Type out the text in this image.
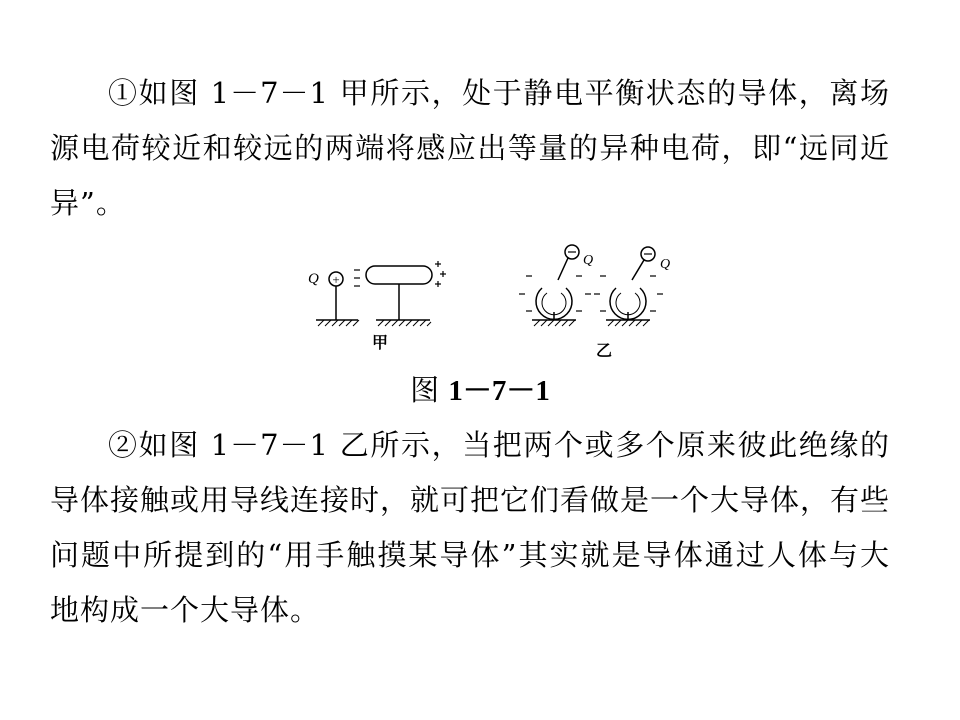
①如图 1－7－1 甲所示，处于静电平衡状态的导体，离场源电荷较近和较远的两端将感应出等量的异种电荷，即“远同近异”。
Q +
甲
Q	Q
乙
图 1－7－1
②如图 1－7－1 乙所示，当把两个或多个原来彼此绝缘的导体接触或用导线连接时，就可把它们看做是一个大导体，有些问题中所提到的“用手触摸某导体”其实就是导体通过人体与大地构成一个大导体。
